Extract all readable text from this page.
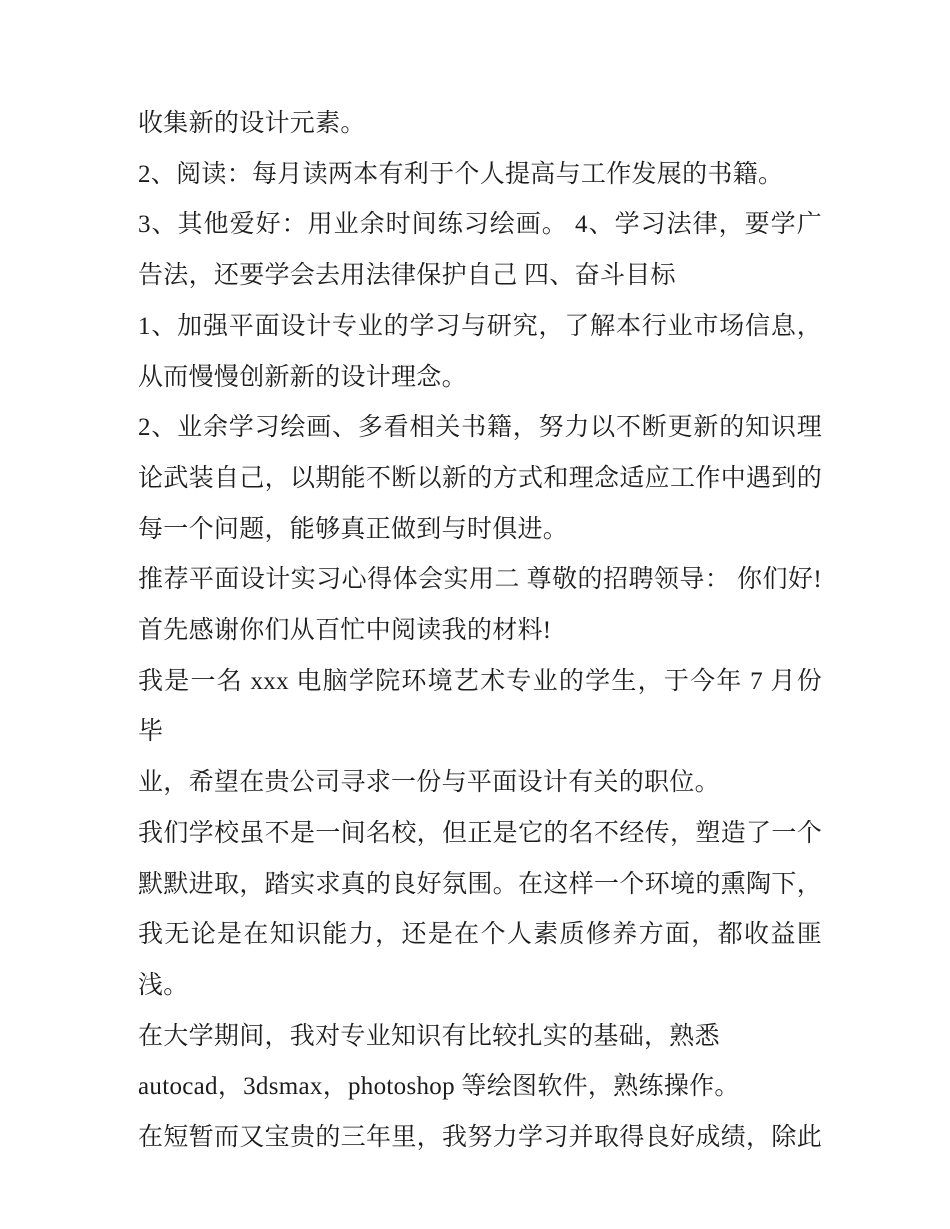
收集新的设计元素。
2、阅读：每月读两本有利于个人提高与工作发展的书籍。
3、其他爱好：用业余时间练习绘画。 4、学习法律，要学广
告法，还要学会去用法律保护自己 四、奋斗目标
1、加强平面设计专业的学习与研究，了解本行业市场信息，
从而慢慢创新新的设计理念。
2、业余学习绘画、多看相关书籍，努力以不断更新的知识理
论武装自己，以期能不断以新的方式和理念适应工作中遇到的
每一个问题，能够真正做到与时俱进。
推荐平面设计实习心得体会实用二 尊敬的招聘领导： 你们好!
首先感谢你们从百忙中阅读我的材料!
我是一名 xxx 电脑学院环境艺术专业的学生，于今年 7 月份毕
业，希望在贵公司寻求一份与平面设计有关的职位。
我们学校虽不是一间名校，但正是它的名不经传，塑造了一个
默默进取，踏实求真的良好氛围。在这样一个环境的熏陶下，
我无论是在知识能力，还是在个人素质修养方面，都收益匪
浅。
在大学期间，我对专业知识有比较扎实的基础，熟悉
autocad，3dsmax，photoshop 等绘图软件，熟练操作。
在短暂而又宝贵的三年里，我努力学习并取得良好成绩，除此
